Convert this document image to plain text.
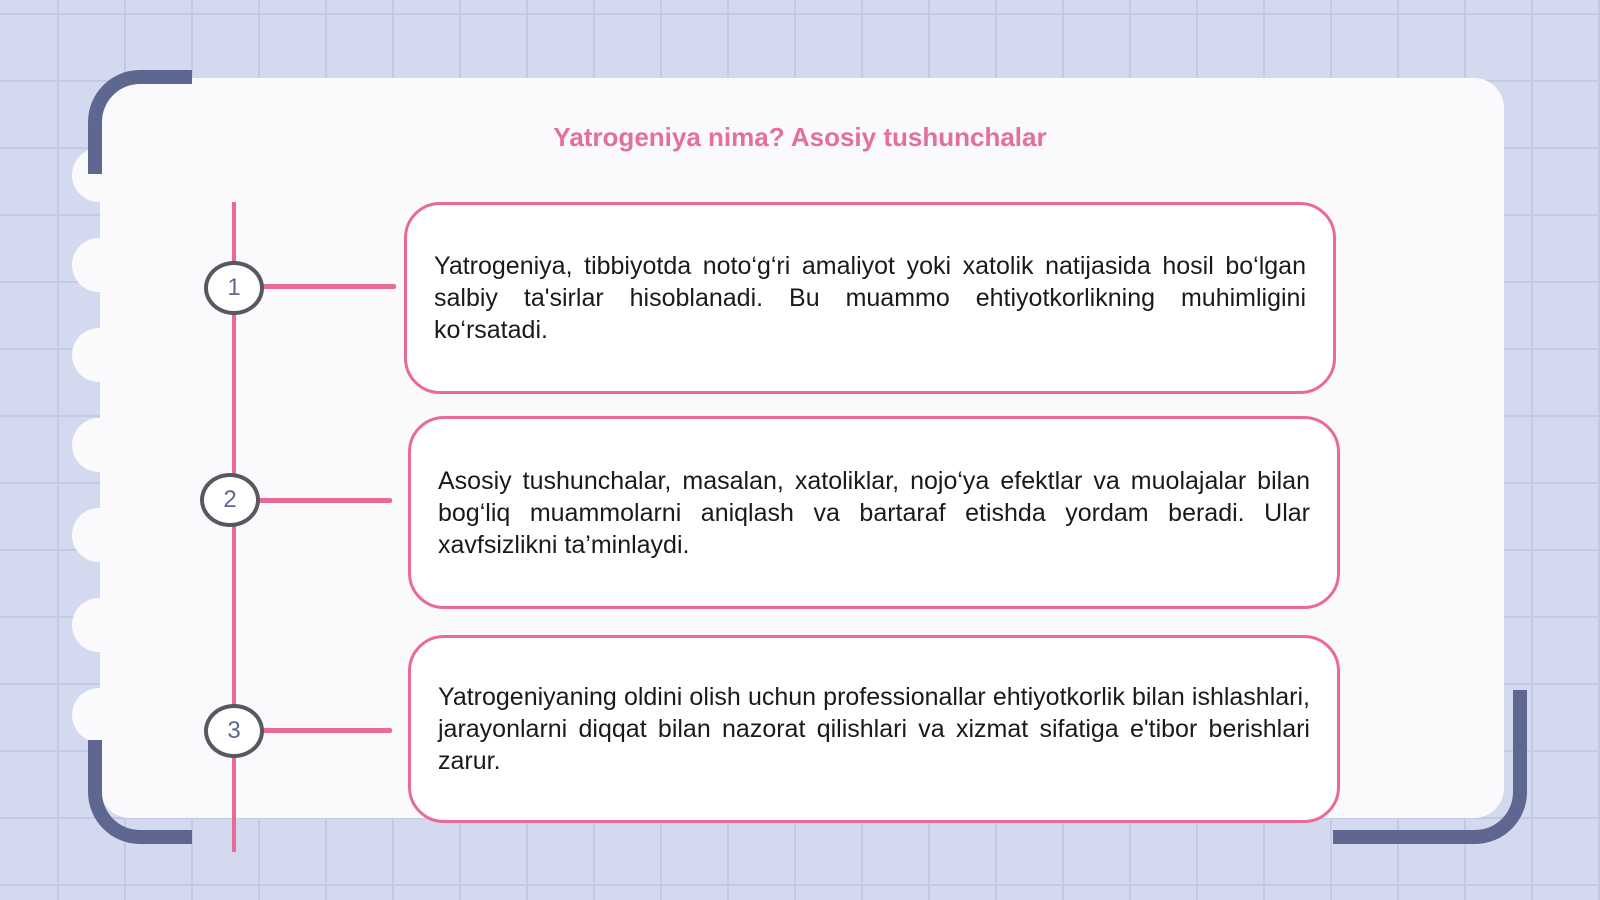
Yatrogeniya nima? Asosiy tushunchalar
1
2
3

Yatrogeniya, tibbiyotda noto‘g‘ri amaliyot yoki xatolik natijasida hosil bo‘lgan salbiy ta'sirlar hisoblanadi. Bu muammo ehtiyotkorlikning muhimligini ko‘rsatadi.

Asosiy tushunchalar, masalan, xatoliklar, nojo‘ya efektlar va muolajalar bilan bog‘liq muammolarni aniqlash va bartaraf etishda yordam beradi. Ular xavfsizlikni ta’minlaydi.

Yatrogeniyaning oldini olish uchun professionallar ehtiyotkorlik bilan ishlashlari, jarayonlarni diqqat bilan nazorat qilishlari va xizmat sifatiga e'tibor berishlari zarur.
